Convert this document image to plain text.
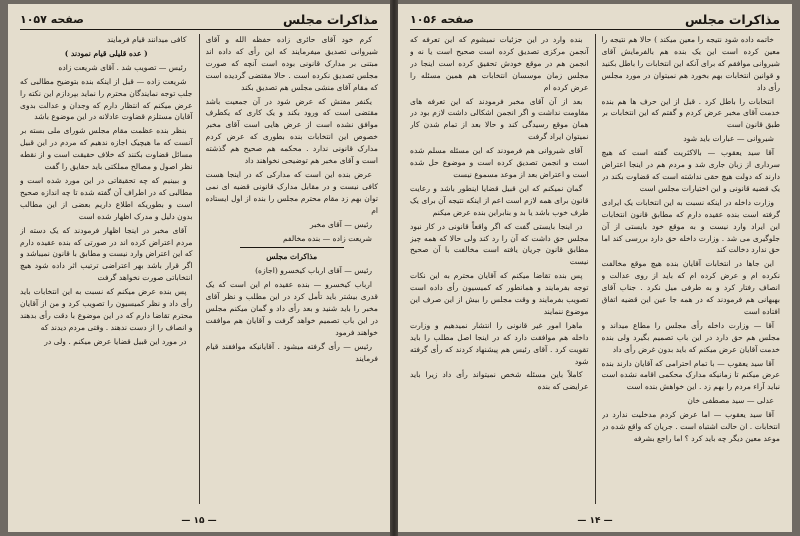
مذاکرات مجلس
صفحه ۱۰۵۷

کرم خود آقای حائری زاده حفظه الله و آقای شیروانی تصدیق میفرمایند که این رأی که داده اند مبتنی بر مدارک قانونی بوده است آنچه که صورت مجلس تصدیق نکرده است . حالا مقتضی گردیده است که مقام آقای منشی مجلس هم تصدیق بکند

یکنفر مفتش که عرض شود در آن جمعیت باشد مقتضی است که ورود بکند و یک کاری که یکطرف موافق نشده است از عرض هایی است آقای مخبر خصوص این انتخابات بنده بطوری که عرض کردم مدارک قانونی ندارد . محکمه هم صحیح هم گذشته است و آقای مخبر هم توضیحی نخواهند داد

عرض بنده این است که مدارکی که در اینجا هست کافی نیست و در مقابل مدارک قانونی قضیه ای نمی توان بهم زد مقام محترم مجلس را بنده از اول ایستاده ام

رئیس — آقای مخبر

شریعت زاده — بنده مخالفم

مذاکرات مجلس

رئیس — آقای ارباب کیخسرو (اجازه)

ارباب کیخسرو — بنده عقیده ام این است که یک قدری بیشتر باید تأمل کرد در این مطلب و نظر آقای مخبر را باید شنید و بعد رأی داد و گمان میکنم مجلس در این باب تصمیم خواهد گرفت و آقایان هم موافقت خواهند فرمود

رئیس — رأی گرفته میشود . آقایانیکه موافقند قیام فرمایند

کافی میدانند قیام فرمایند

( عده قلیلی قیام نمودند )

رئیس — تصویب شد . آقای شریعت زاده

شریعت زاده — قبل از اینکه بنده بتوضیح مطالبی که جلب توجه نمایندگان محترم را نماید بپردازم این نکته را عرض میکنم که انتظار دارم که وجدان و عدالت بدوی آقایان مستلزم قضاوت عادلانه در این موضوع باشد

بنظر بنده عظمت مقام مجلس شورای ملی بسته بر آنست که ما هیچیک اجازه ندهیم که مردم در این قبیل مسائل قضاوت بکنند که خلاف حقیقت است و از نقطه نظر اصول و مصالح مملکتی باید حقایق را گفت

و ببینیم که چه تحقیقاتی در این مورد شده است و مطالبی که در اطراف آن گفته شده تا چه اندازه صحیح است و بطوریکه اطلاع داریم بعضی از این مطالب بدون دلیل و مدرک اظهار شده است

آقای مخبر در اینجا اظهار فرمودند که یک دسته از مردم اعتراض کرده اند در صورتی که بنده عقیده دارم که این اعتراض وارد نیست و مطابق با قانون نمیباشد و اگر قرار باشد بهر اعتراضی ترتیب اثر داده شود هیچ انتخاباتی صورت نخواهد گرفت

پس بنده عرض میکنم که نسبت به این انتخابات باید رأی داد و نظر کمیسیون را تصویب کرد و من از آقایان محترم تقاضا دارم که در این موضوع با دقت رأی بدهند و انصاف را از دست ندهند . وقتی مردم دیدند که

در مورد این قبیل قضایا عرض میکنم . ولی در

— ۱۵ —
مذاکرات مجلس
صفحه ۱۰۵۶

خاتمه داده شود نتیجه را معین میکند ) حالا هم نتیجه را معین کرده است این یک بنده هم بالفرمایش آقای شیروانی موافقم که برای آنکه این انتخابات را باطل بکنید و قوانین انتخابات بهم بخورد هم نمیتوان در مورد مجلس رأی داد

انتخابات را باطل کرد . قبل از این حرف ها هم بنده خدمت آقای مخبر عرض کردم و گفتم که این انتخابات بر طبق قانون است

شیروانی — عبارات باید شود

آقا سید یعقوب — بالاکثریت گفته است که هیچ سرداری از زبان جاری شد و مردم هم در اینجا اعتراض دارند که دولت هیچ حقی نداشته است که قضاوت بکند در یک قضیه قانونی و این اختیارات مجلس است

وزارت داخله در اینکه نسبت به این انتخابات یک ایرادی گرفته است بنده عقیده دارم که مطابق قانون انتخابات این ایراد وارد نیست و به موقع خود بایستی از آن جلوگیری می شد . وزارت داخله حق دارد بررسی کند اما حق ندارد دخالت کند

این جاها در انتخابات آقایان بنده هیچ موقع مخالفت نکرده ام و عرض کرده ام که باید از روی عدالت و انصاف رفتار کرد و به طرفی میل نکرد . جناب آقای بهبهانی هم فرمودند که در همه جا عین این قضیه اتفاق افتاده است

آقا — وزارت داخله رأی مجلس را مطاع میداند و مجلس هم حق دارد در این باب تصمیم بگیرد ولی بنده خدمت آقایان عرض میکنم که باید بدون غرض رأی داد

آقا سید یعقوب — با تمام احترامی که آقایان دارند بنده عرض میکنم تا زمانیکه مدارک محکمی اقامه نشده است نباید آراء مردم را بهم زد . این خواهش بنده است

عدلی — سید مصطفی خان

آقا سید یعقوب — اما عرض کردم مدخلیت ندارد در انتخابات . ان حالت اشتباه است . جریان که واقع شده در موعد معین دیگر چه باید کرد ؟ اما راجع بشرفه

بنده وارد در این جزئیات نمیشوم که این تعرفه که آنجمن مرکزی تصدیق کرده است صحیح است یا نه و انجمن هم در موقع خودش تحقیق کرده است اینجا در مجلس زمان موسسان انتخابات هم همین مسئله را عرض کرده ام

بعد از آن آقای مخبر فرمودند که این تعرفه های مقاومت نداشت و اگر انجمن اشکالی داشت لازم بود در همان موقع رسیدگی کند و حالا بعد از تمام شدن کار نمیتوان ایراد گرفت

آقای شیروانی هم فرمودند که این مسئله مسلم شده است و انجمن تصدیق کرده است و موضوع حل شده است و اعتراض بعد از موعد مسموع نیست

گمان نمیکنم که این قبیل قضایا اینطور باشد و رعایت قانون برای همه لازم است اعم از اینکه نتیجه آن برای یک طرف خوب باشد یا بد و بنابراین بنده عرض میکنم

در اینجا بایستی گفت که اگر واقعاً قانونی در کار نبود مجلس حق داشت که آن را رد کند ولی حالا که همه چیز مطابق قانون جریان یافته است مخالفت با آن صحیح نیست

پس بنده تقاضا میکنم که آقایان محترم به این نکات توجه بفرمایند و همانطور که کمیسیون رأی داده است تصویب بفرمایند و وقت مجلس را بیش از این صرف این موضوع ننمایند

ماهرا امور غیر قانونی را انتشار نمیدهیم و وزارت داخله هم موافقت دارد که در اینجا اصل مطلب را باید تقویت کرد . آقای رئیس هم پیشنهاد کردند که رأی گرفته شود

کاملاً باین مسئله شخص نمیتواند رأی داد زیرا باید عرایضی که بنده

— ۱۴ —
